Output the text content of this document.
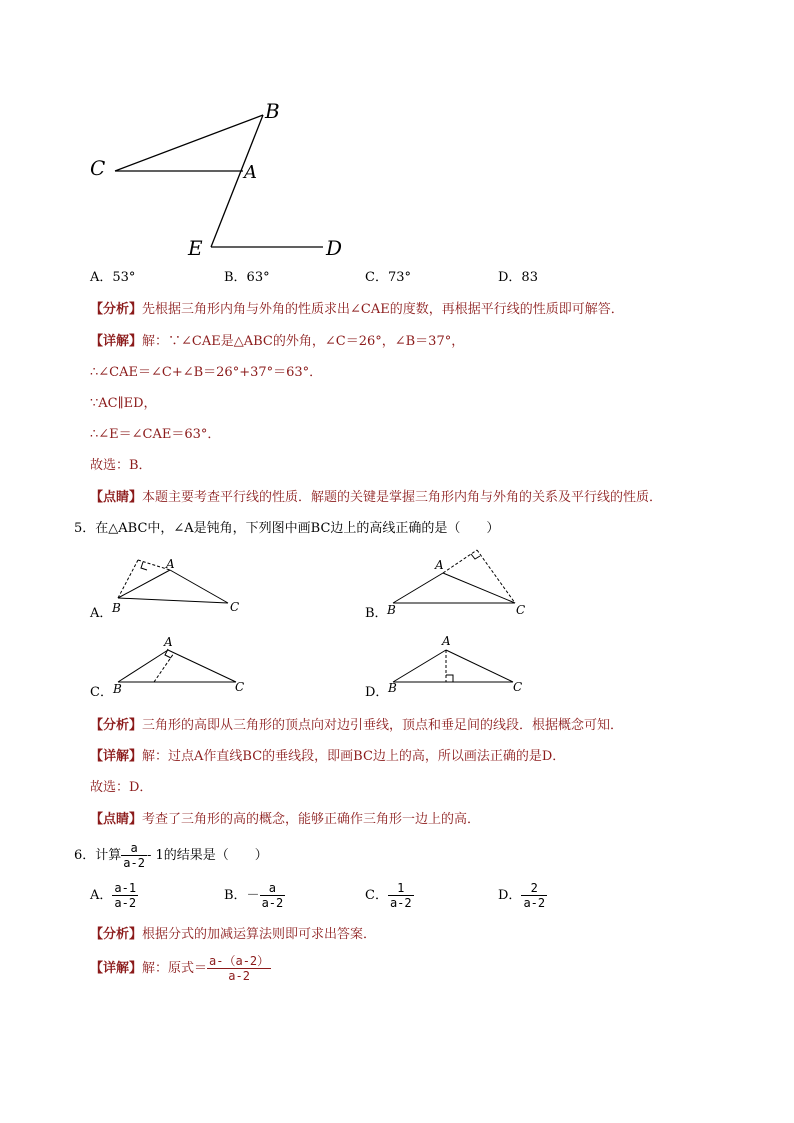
B
C	A
E	D
A．53°	B．63°	C．73°	D．83
【分析】先根据三角形内角与外角的性质求出∠CAE的度数，再根据平行线的性质即可解答．
【详解】解：∵∠CAE是△ABC的外角，∠C＝26°，∠B＝37°，
∴∠CAE＝∠C+∠B＝26°+37°＝63°．
∵AC∥ED，
∴∠E＝∠CAE＝63°．
故选：B．
【点睛】本题主要考查平行线的性质．解题的关键是掌握三角形内角与外角的关系及平行线的性质．
5．在△ABC中，∠A是钝角，下列图中画BC边上的高线正确的是（　　）
A
B	C
A．
A
B	C
B．
A
B	C
C．
A
B	C
D．
【分析】三角形的高即从三角形的顶点向对边引垂线，顶点和垂足间的线段．根据概念可知．
【详解】解：过点A作直线BC的垂线段，即画BC边上的高，所以画法正确的是D．
故选：D．
【点睛】考查了三角形的高的概念，能够正确作三角形一边上的高．
6．计算 $\frac{a}{a-2} - 1$的结果是（　　）
A． $\frac{a-1}{a-2}$	B．－ $\frac{a}{a-2}$	C． $\frac{1}{a-2}$	D． $\frac{2}{a-2}$
【分析】根据分式的加减运算法则即可求出答案．
【详解】解：原式＝ $\frac{a-(a-2)}{a-2}$
